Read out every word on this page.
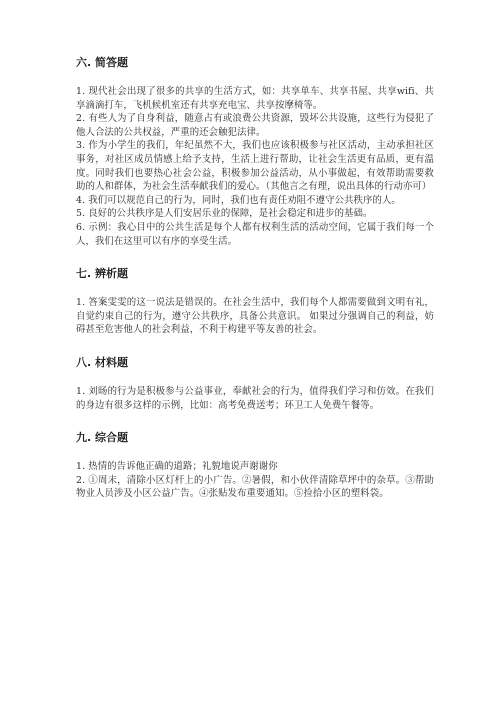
六. 简答题

1. 现代社会出现了很多的共享的生活方式，如：共享单车、共享书屋、共享wifi、共享滴滴打车，飞机候机室还有共享充电宝、共享按摩椅等。

2. 有些人为了自身利益，随意占有或浪费公共资源，毁坏公共设施，这些行为侵犯了他人合法的公共权益，严重的还会触犯法律。

3. 作为小学生的我们，年纪虽然不大，我们也应该积极参与社区活动，主动承担社区事务，对社区成员情感上给予支持，生活上进行帮助，让社会生活更有品质，更有温度。同时我们也要热心社会公益，积极参加公益活动，从小事做起，有效帮助需要救助的人和群体，为社会生活奉献我们的爱心。（其他言之有理，说出具体的行动亦可）

4. 我们可以规范自己的行为，同时，我们也有责任劝阻不遵守公共秩序的人。

5. 良好的公共秩序是人们安居乐业的保障，是社会稳定和进步的基础。

6. 示例：我心目中的公共生活是每个人都有权利生活的活动空间，它属于我们每一个人，我们在这里可以有序的享受生活。

七. 辨析题

1. 答案雯雯的这一说法是错误的。在社会生活中，我们每个人都需要做到文明有礼，自觉约束自己的行为，遵守公共秩序，具备公共意识。 如果过分强调自己的利益，妨碍甚至危害他人的社会利益，不利于构建平等友善的社会。

八. 材料题

1. 刘旸的行为是积极参与公益事业，奉献社会的行为，值得我们学习和仿效。在我们的身边有很多这样的示例，比如：高考免费送考；环卫工人免费午餐等。

九. 综合题

1. 热情的告诉他正确的道路；礼貌地说声谢谢你

2. ①周末，清除小区灯杆上的小广告。②暑假，和小伙伴清除草坪中的杂草。③帮助物业人员涉及小区公益广告。④张贴发布重要通知。⑤捡拾小区的塑料袋。
